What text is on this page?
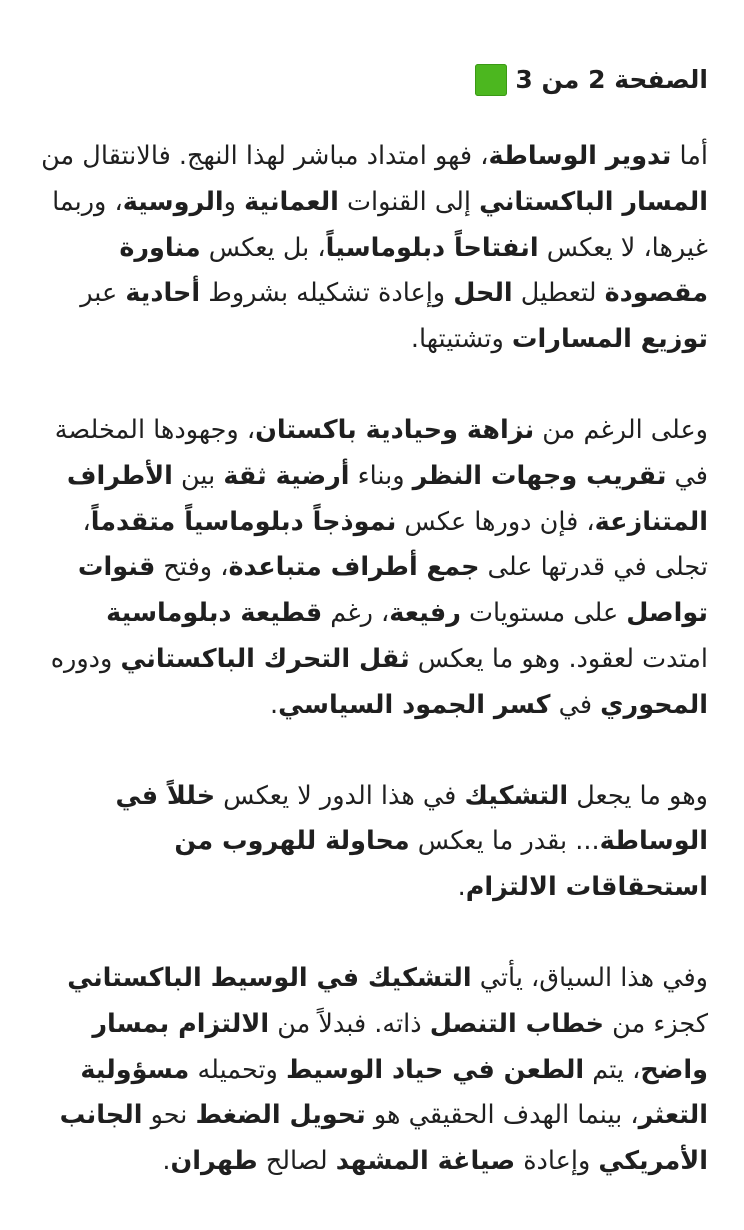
الصفحة 2 من 3

أما تدوير الوساطة، فهو امتداد مباشر لهذا النهج. فالانتقال من المسار الباكستاني إلى القنوات العمانية والروسية، وربما غيرها، لا يعكس انفتاحاً دبلوماسياً، بل يعكس مناورة مقصودة لتعطيل الحل وإعادة تشكيله بشروط أحادية عبر توزيع المسارات وتشتيتها.

وعلى الرغم من نزاهة وحيادية باكستان، وجهودها المخلصة في تقريب وجهات النظر وبناء أرضية ثقة بين الأطراف المتنازعة، فإن دورها عكس نموذجاً دبلوماسياً متقدماً، تجلى في قدرتها على جمع أطراف متباعدة، وفتح قنوات تواصل على مستويات رفيعة، رغم قطيعة دبلوماسية امتدت لعقود. وهو ما يعكس ثقل التحرك الباكستاني ودوره المحوري في كسر الجمود السياسي.

وهو ما يجعل التشكيك في هذا الدور لا يعكس خللاً في الوساطة... بقدر ما يعكس محاولة للهروب من استحقاقات الالتزام.

وفي هذا السياق، يأتي التشكيك في الوسيط الباكستاني كجزء من خطاب التنصل ذاته. فبدلاً من الالتزام بمسار واضح، يتم الطعن في حياد الوسيط وتحميله مسؤولية التعثر، بينما الهدف الحقيقي هو تحويل الضغط نحو الجانب الأمريكي وإعادة صياغة المشهد لصالح طهران.
